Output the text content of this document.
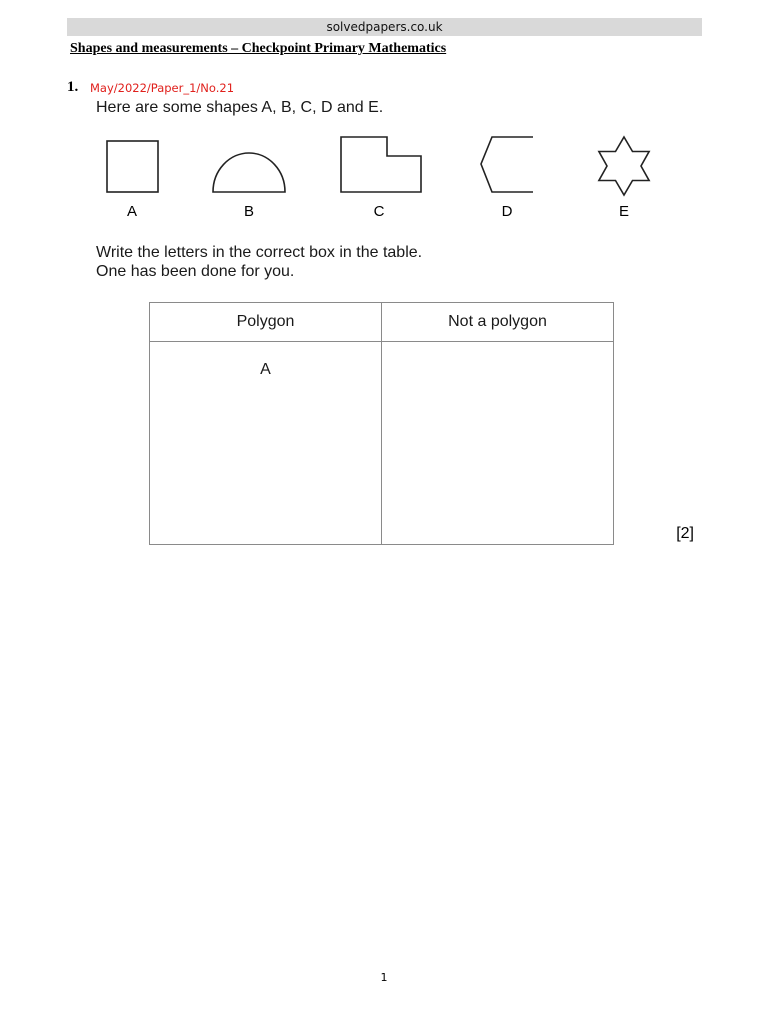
solvedpapers.co.uk
Shapes and measurements – Checkpoint Primary Mathematics
1. May/2022/Paper_1/No.21
Here are some shapes A, B, C, D and E.
A	B	C	D	E
Write the letters in the correct box in the table.
One has been done for you.
Polygon	Not a polygon
A	
[2]
1
